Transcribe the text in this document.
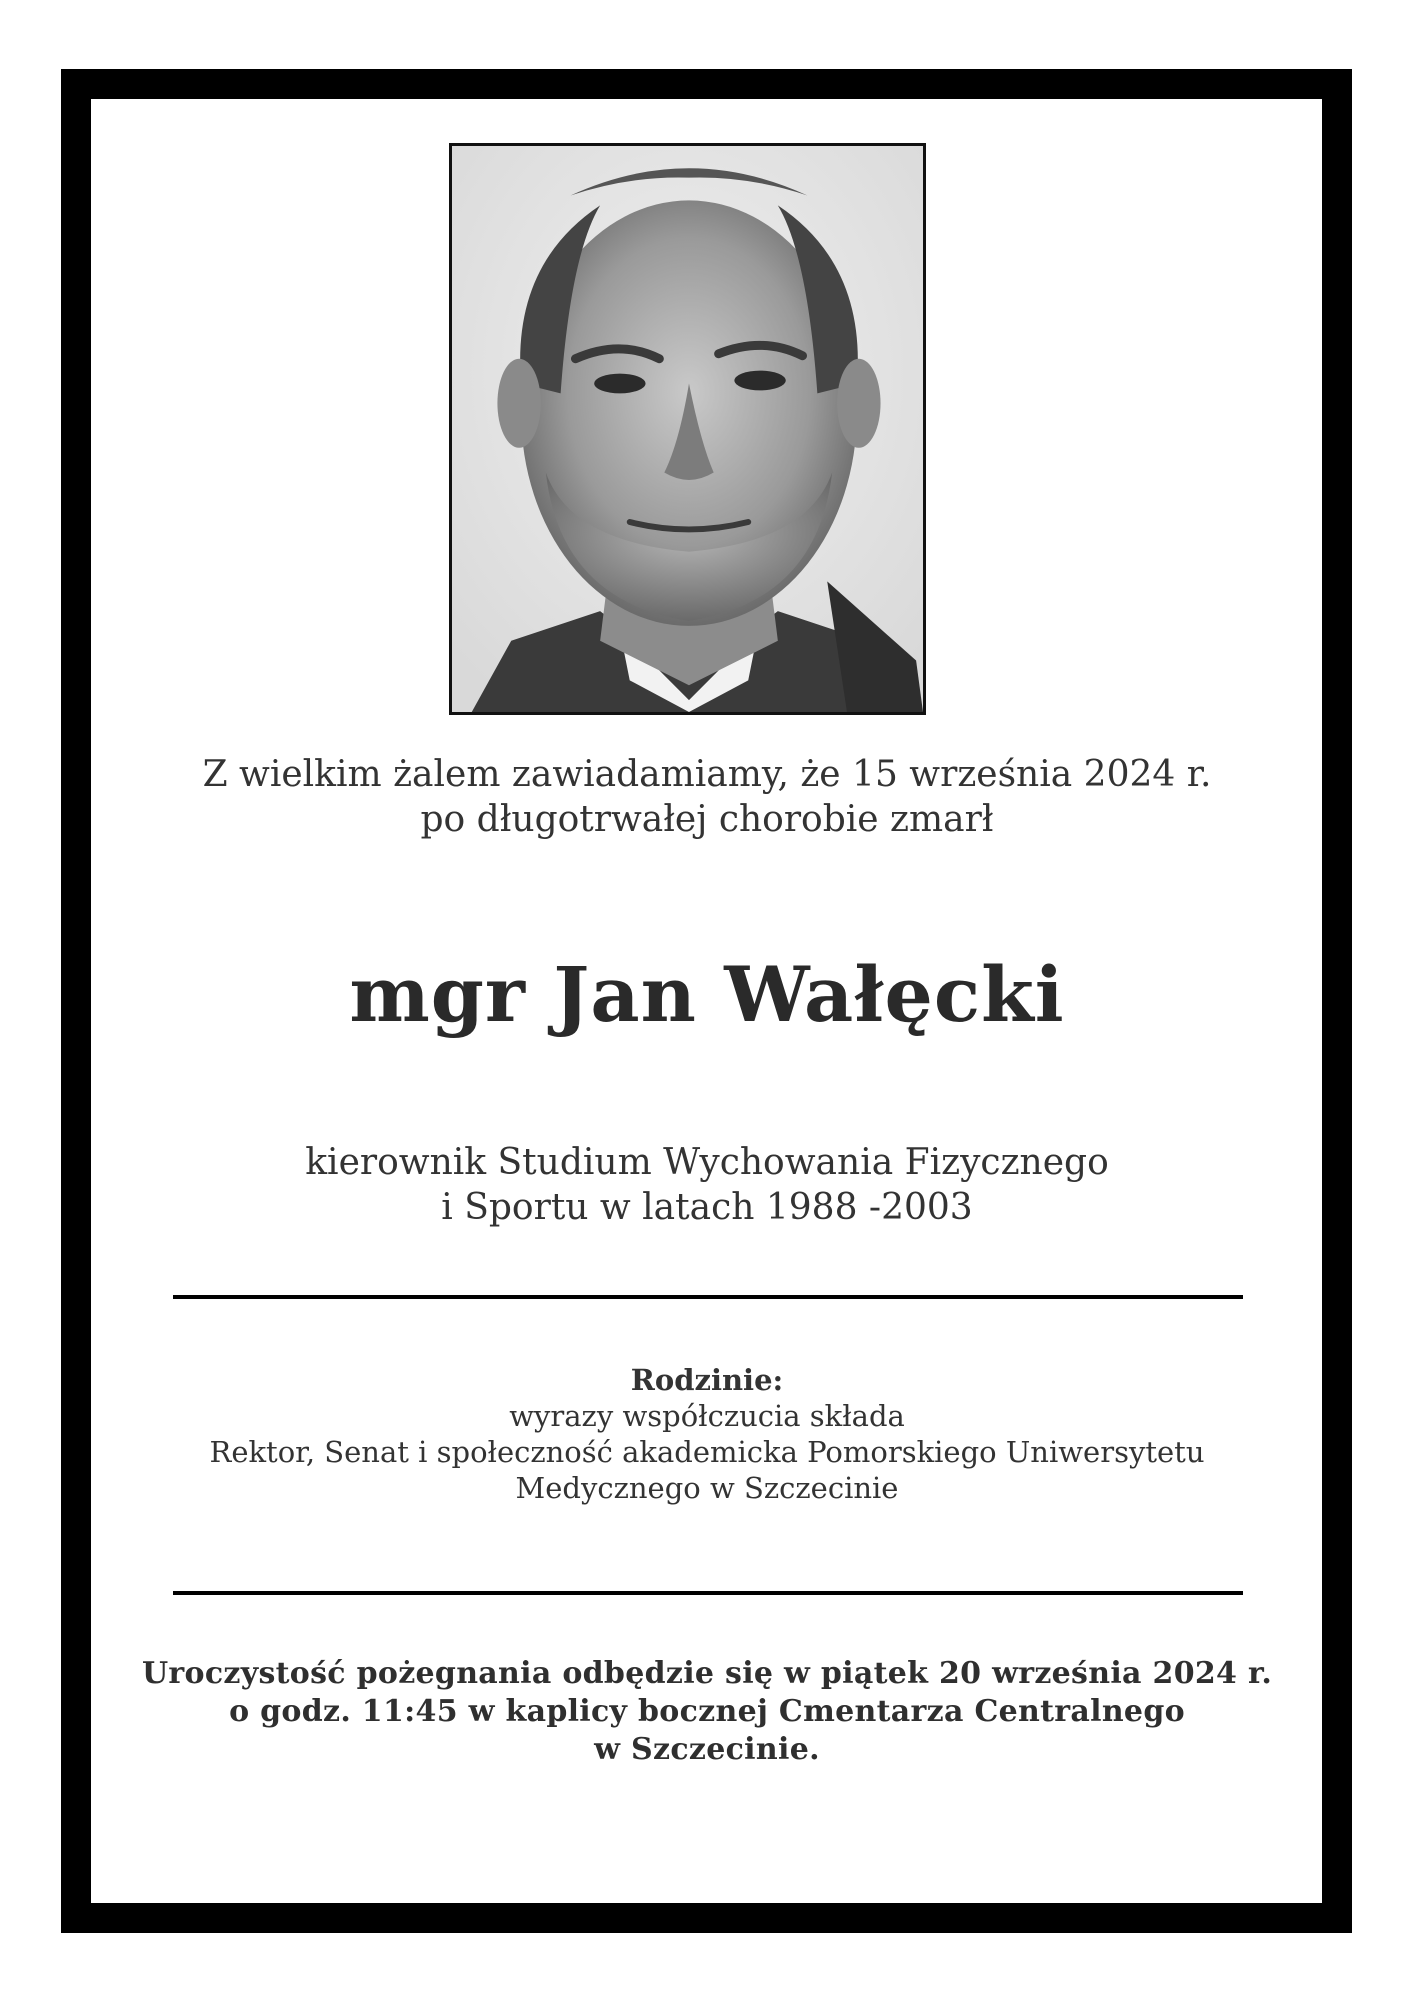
Z wielkim żalem zawiadamiamy, że 15 września 2024 r.
po długotrwałej chorobie zmarł
mgr Jan Wałęcki
kierownik Studium Wychowania Fizycznego
i Sportu w latach 1988 -2003
Rodzinie:
wyrazy współczucia składa
Rektor, Senat i społeczność akademicka Pomorskiego Uniwersytetu
Medycznego w Szczecinie
Uroczystość pożegnania odbędzie się w piątek 20 września 2024 r.
o godz. 11:45 w kaplicy bocznej Cmentarza Centralnego
w Szczecinie.
